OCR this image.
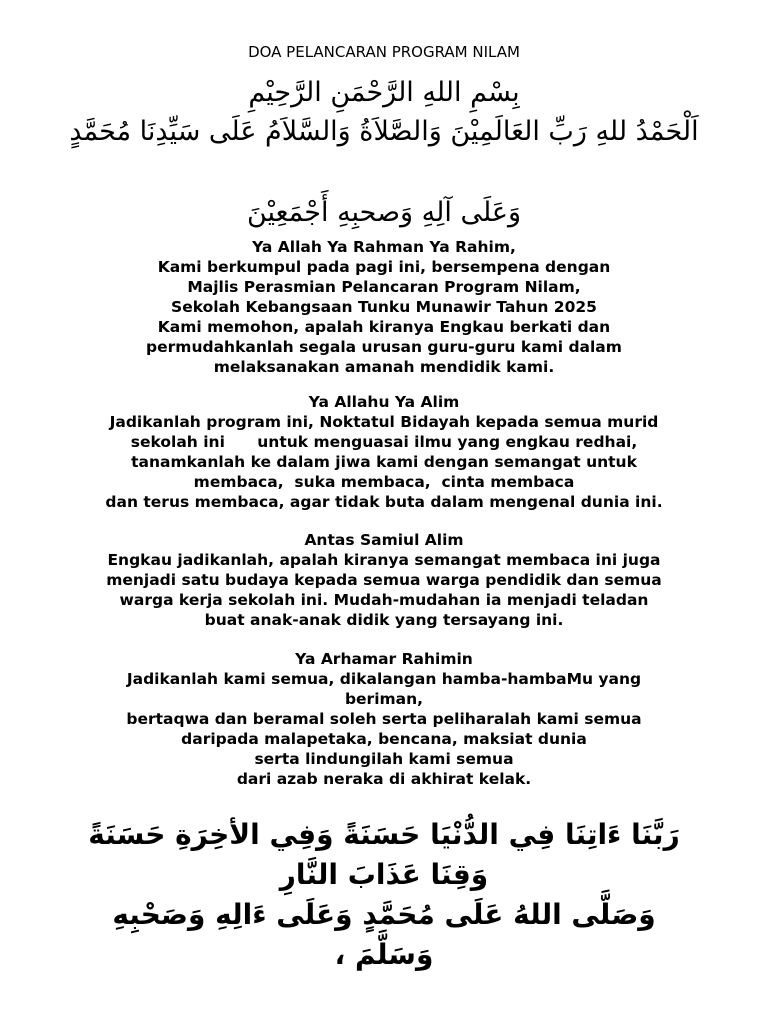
DOA PELANCARAN PROGRAM NILAM
بِسْمِ اللهِ الرَّحْمَنِ الرَّحِيْمِ
اَلْحَمْدُ للهِ رَبِّ العَالَمِيْنَ وَالصَّلاَةُ وَالسَّلاَمُ عَلَى سَيِّدِنَا مُحَمَّدٍ
وَعَلَى آلِهِ وَصحبِهِ أَجْمَعِيْنَ
Ya Allah Ya Rahman Ya Rahim,
Kami berkumpul pada pagi ini, bersempena dengan
Majlis Perasmian Pelancaran Program Nilam,
Sekolah Kebangsaan Tunku Munawir Tahun 2025
Kami memohon, apalah kiranya Engkau berkati dan
permudahkanlah segala urusan guru-guru kami dalam
melaksanakan amanah mendidik kami.
Ya Allahu Ya Alim
Jadikanlah program ini, Noktatul Bidayah kepada semua murid
sekolah ini      untuk menguasai ilmu yang engkau redhai,
tanamkanlah ke dalam jiwa kami dengan semangat untuk
membaca,  suka membaca,  cinta membaca
dan terus membaca, agar tidak buta dalam mengenal dunia ini.
Antas Samiul Alim
Engkau jadikanlah, apalah kiranya semangat membaca ini juga
menjadi satu budaya kepada semua warga pendidik dan semua
warga kerja sekolah ini. Mudah-mudahan ia menjadi teladan
buat anak-anak didik yang tersayang ini.
Ya Arhamar Rahimin
Jadikanlah kami semua, dikalangan hamba-hambaMu yang
beriman,
bertaqwa dan beramal soleh serta peliharalah kami semua
daripada malapetaka, bencana, maksiat dunia
serta lindungilah kami semua
dari azab neraka di akhirat kelak.
رَبَّنَا ءَاتِنَا فِي الدُّنْيَا حَسَنَةً وَفِي الأخِرَةِ حَسَنَةً
وَقِنَا عَذَابَ النَّارِ
وَصَلَّى اللهُ عَلَى مُحَمَّدٍ وَعَلَى ءَالِهِ وَصَحْبِهِ
وَسَلَّمَ ،
